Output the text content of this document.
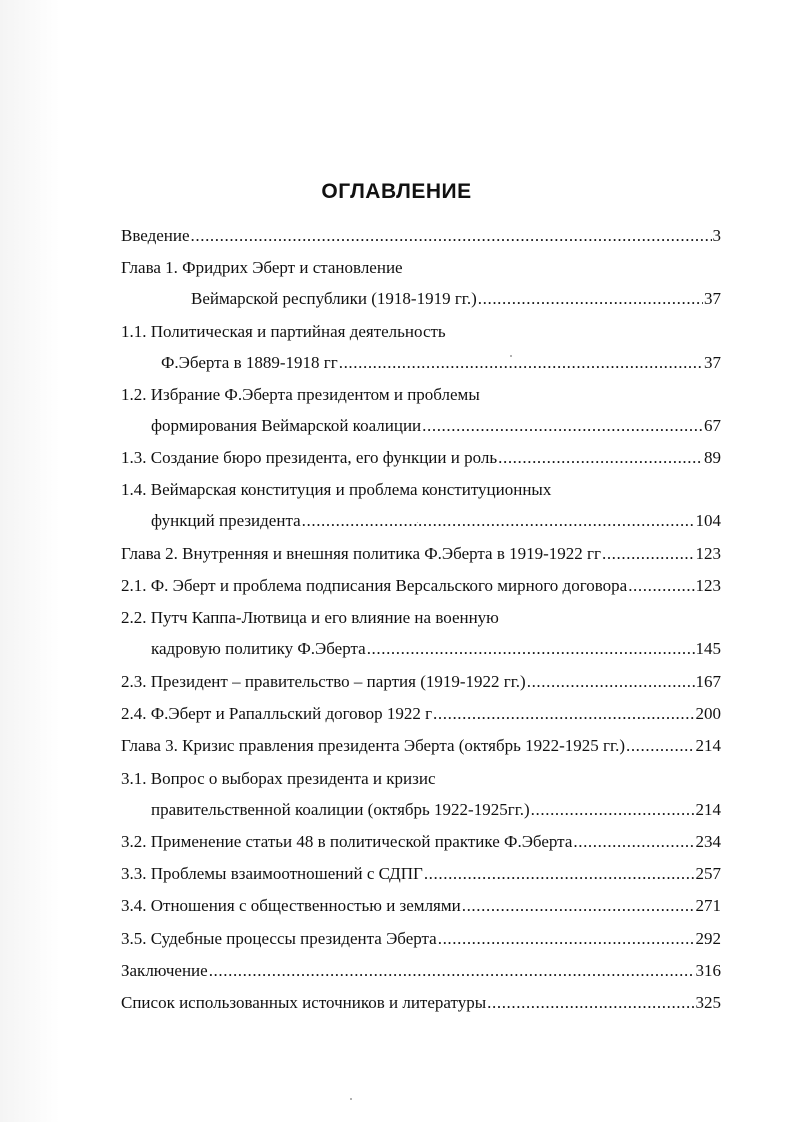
ОГЛАВЛЕНИЕ
Введение .....	3
Глава 1. Фридрих Эберт и становление
Веймарской республики (1918-1919 гг.) .....	37
1.1. Политическая и партийная деятельность
Ф.Эберта в 1889-1918 гг .....	37
1.2. Избрание Ф.Эберта президентом и проблемы
формирования Веймарской коалиции .....	67
1.3. Создание бюро президента, его функции и роль .....	89
1.4. Веймарская конституция и проблема конституционных
функций президента .....	104
Глава 2. Внутренняя и внешняя политика Ф.Эберта в 1919-1922 гг .....	123
2.1. Ф. Эберт и проблема подписания Версальского мирного договора .....	123
2.2. Путч Каппа-Лютвица и его влияние на военную
кадровую политику Ф.Эберта .....	145
2.3. Президент – правительство – партия (1919-1922 гг.) .....	167
2.4. Ф.Эберт и Рапалльский договор 1922 г .....	200
Глава 3. Кризис правления президента Эберта (октябрь 1922-1925 гг.) .....	214
3.1. Вопрос о выборах президента и кризис
правительственной коалиции (октябрь 1922-1925гг.) .....	214
3.2. Применение статьи 48 в политической практике Ф.Эберта .....	234
3.3. Проблемы взаимоотношений с СДПГ .....	257
3.4. Отношения с общественностью и землями .....	271
3.5. Судебные процессы президента Эберта .....	292
Заключение .....	316
Список использованных источников и литературы .....	325
